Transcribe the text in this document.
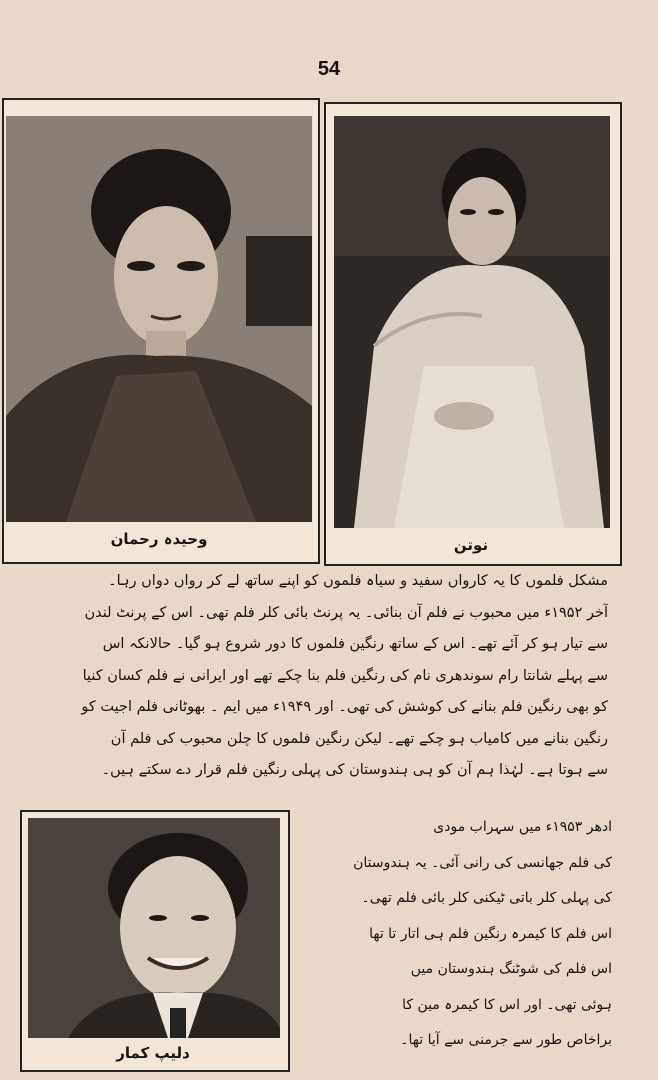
54
وحیدہ رحمان	نوتن
مشکل فلموں کا یہ کارواں سفید و سیاہ فلموں کو اپنے ساتھ لے کر رواں دواں رہا۔
آخر ۱۹۵۲ء میں محبوب نے فلم آن بنائی۔ یہ پرنٹ بائی کلر فلم تھی۔ اس کے پرنٹ لندن
سے تیار ہو کر آئے تھے۔ اس کے ساتھ رنگین فلموں کا دور شروع ہو گیا۔ حالانکہ اس
سے پہلے شانتا رام سوندھری نام کی رنگین فلم بنا چکے تھے اور ایرانی نے فلم کسان کنیا
کو بھی رنگین فلم بنانے کی کوشش کی تھی۔ اور ۱۹۴۹ء میں ایم ۔ بھوٹانی فلم اجیت کو
رنگین بنانے میں کامیاب ہو چکے تھے۔ لیکن رنگین فلموں کا چلن محبوب کی فلم آن
سے ہوتا ہے۔ لہٰذا ہم آن کو ہی ہندوستان کی پہلی رنگین فلم قرار دے سکتے ہیں۔
دلیپ کمار
ادھر ۱۹۵۳ء میں سہراب مودی
کی فلم جھانسی کی رانی آئی۔ یہ ہندوستان
کی پہلی کلر باتی ٹیکنی کلر بائی فلم تھی۔
اس فلم کا کیمرہ رنگین فلم ہی اتار تا تھا
اس فلم کی شوٹنگ ہندوستان میں
ہوئی تھی۔ اور اس کا کیمرہ مین کا
براخاص طور سے جرمنی سے آیا تھا۔
